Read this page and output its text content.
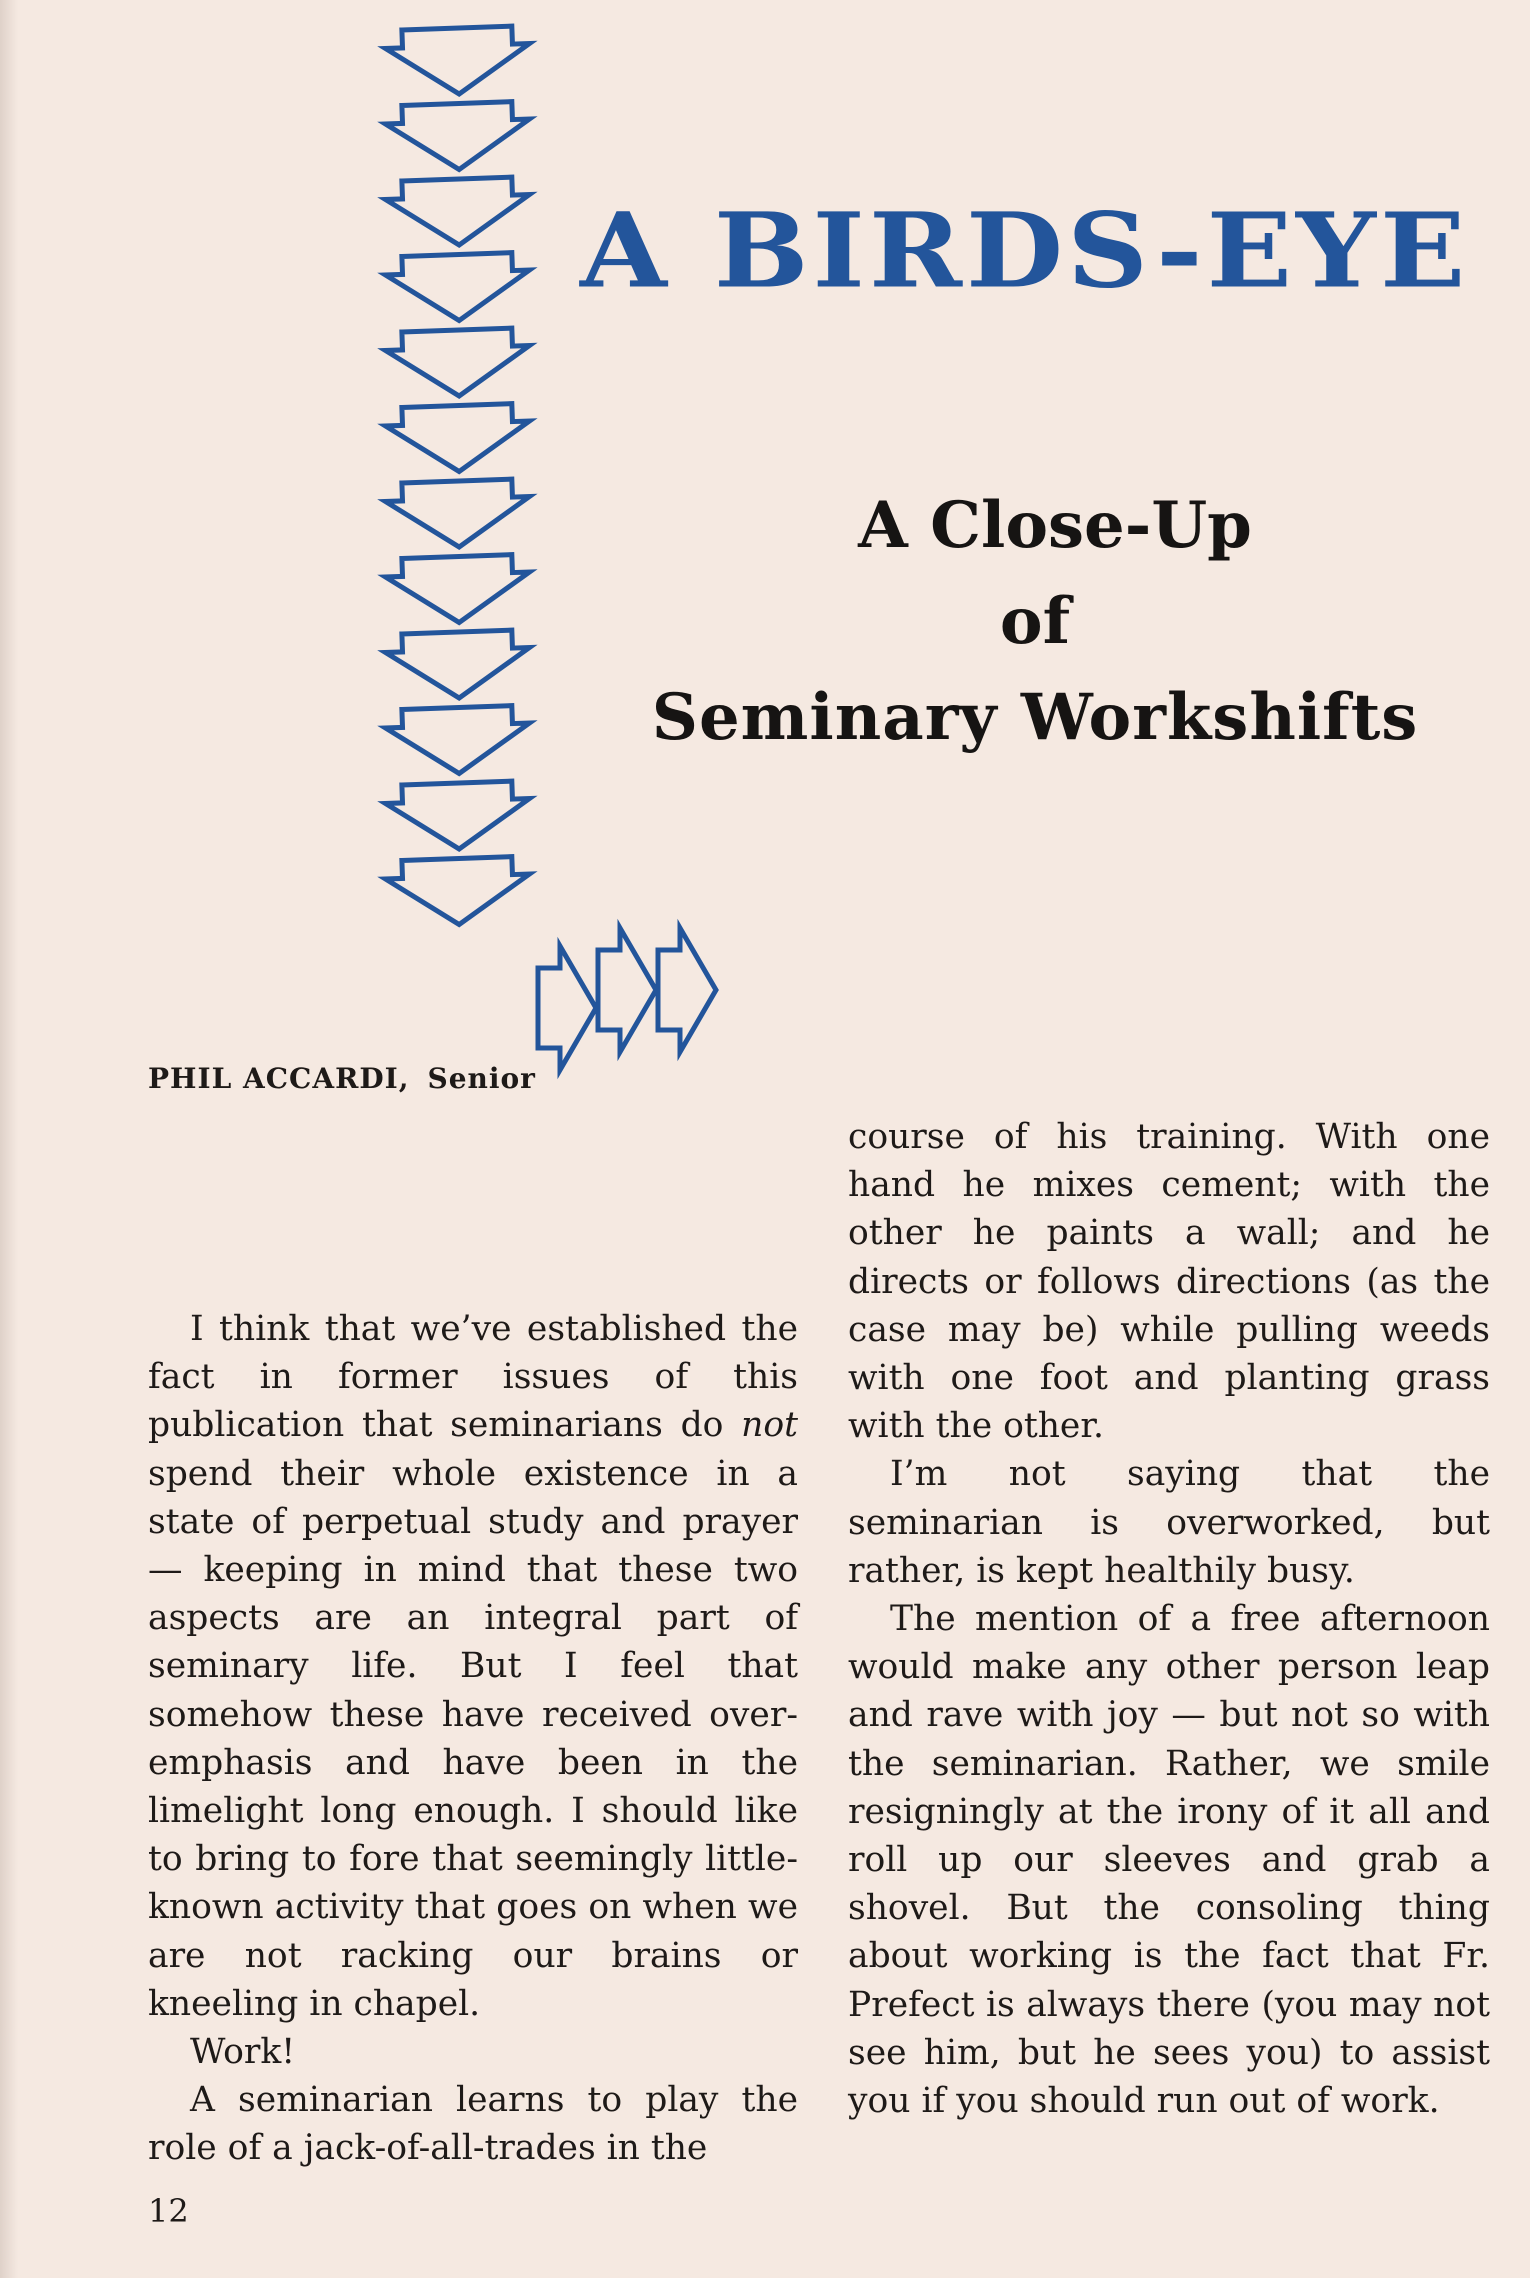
A BIRDS-EYE
A Close-Up
of
Seminary Workshifts
PHIL ACCARDI, Senior

I think that we’ve established the fact in former issues of this publication that seminarians do not spend their whole existence in a state of perpetual study and prayer — keeping in mind that these two aspects are an integral part of seminary life. But I feel that somehow these have received over-emphasis and have been in the limelight long enough. I should like to bring to fore that seemingly little-known activity that goes on when we are not racking our brains or kneeling in chapel.

Work!

A seminarian learns to play the role of a jack-of-all-trades in the

course of his training. With one hand he mixes cement; with the other he paints a wall; and he directs or follows directions (as the case may be) while pulling weeds with one foot and planting grass with the other.

I’m not saying that the seminarian is overworked, but rather, is kept healthily busy.

The mention of a free afternoon would make any other person leap and rave with joy — but not so with the seminarian. Rather, we smile resigningly at the irony of it all and roll up our sleeves and grab a shovel. But the consoling thing about working is the fact that Fr. Prefect is always there (you may not see him, but he sees you) to assist you if you should run out of work.

12
